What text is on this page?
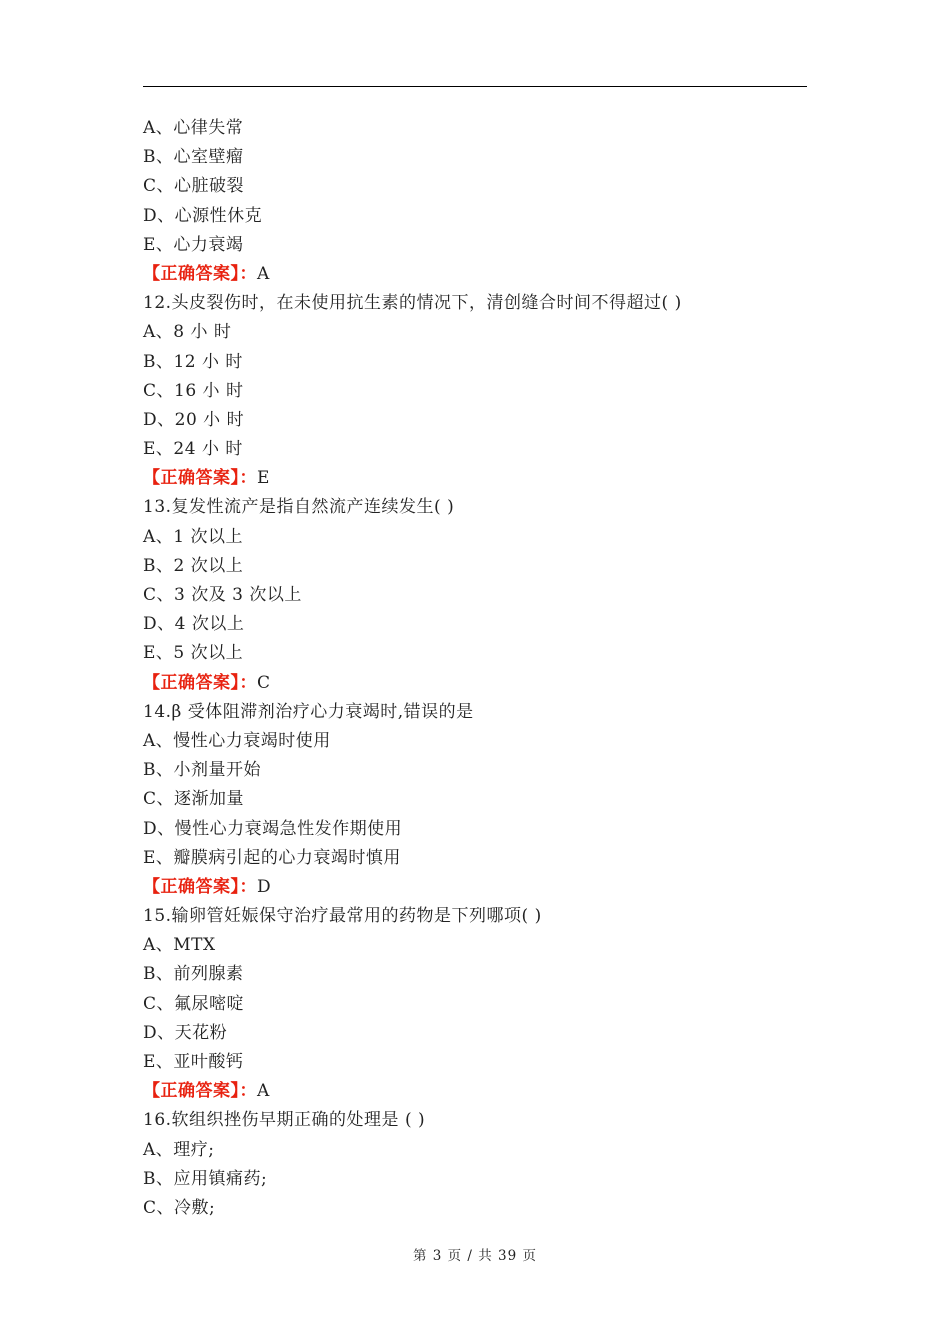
A、心律失常
B、心室壁瘤
C、心脏破裂
D、心源性休克
E、心力衰竭
【正确答案】：A
12.头皮裂伤时，在未使用抗生素的情况下，清创缝合时间不得超过( )
A、8 小 时
B、12 小 时
C、16 小 时
D、20 小 时
E、24 小 时
【正确答案】：E
13.复发性流产是指自然流产连续发生( )
A、1 次以上
B、2 次以上
C、3 次及 3 次以上
D、4 次以上
E、5 次以上
【正确答案】：C
14.β 受体阻滞剂治疗心力衰竭时,错误的是
A、慢性心力衰竭时使用
B、小剂量开始
C、逐渐加量
D、慢性心力衰竭急性发作期使用
E、瓣膜病引起的心力衰竭时慎用
【正确答案】：D
15.输卵管妊娠保守治疗最常用的药物是下列哪项( )
A、MTX
B、前列腺素
C、氟尿嘧啶
D、天花粉
E、亚叶酸钙
【正确答案】：A
16.软组织挫伤早期正确的处理是 ( )
A、理疗;
B、应用镇痛药;
C、冷敷;
第 3 页 / 共 39 页
